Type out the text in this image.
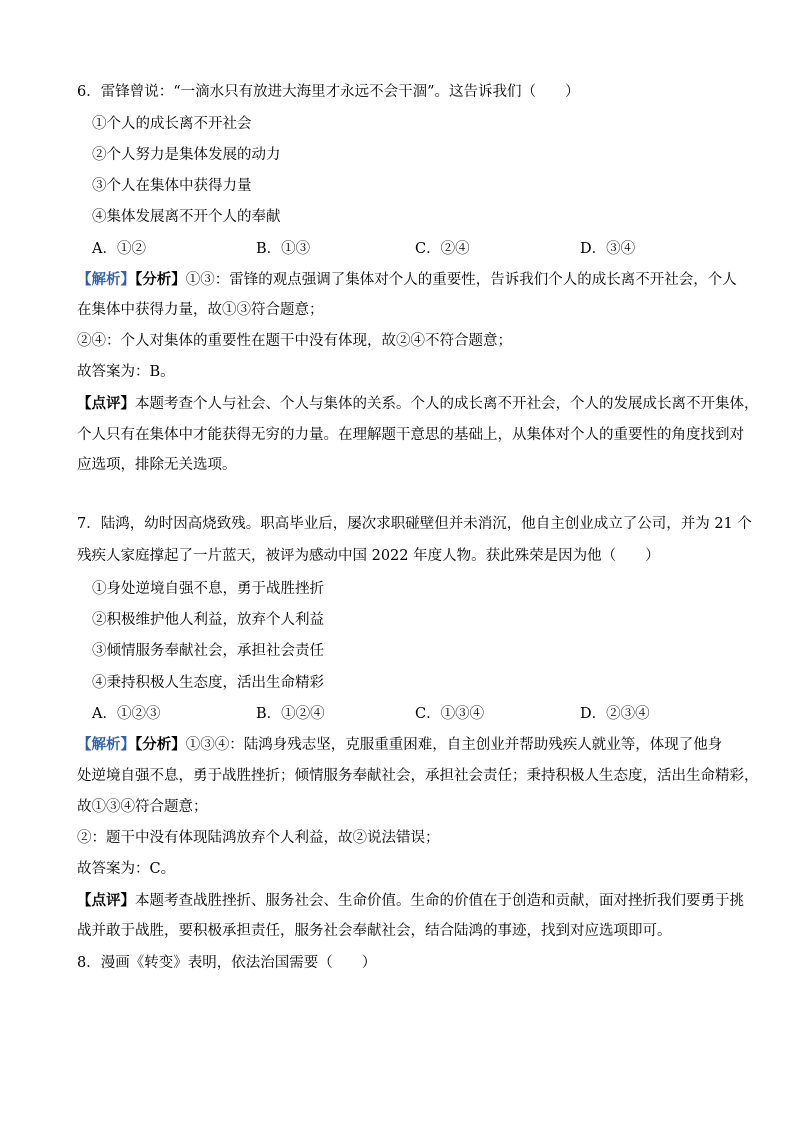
6．雷锋曾说：“一滴水只有放进大海里才永远不会干涸”。这告诉我们（　　）
①个人的成长离不开社会
②个人努力是集体发展的动力
③个人在集体中获得力量
④集体发展离不开个人的奉献
A．①②	B．①③	C．②④	D．③④
【解析】【分析】①③：雷锋的观点强调了集体对个人的重要性，告诉我们个人的成长离不开社会，个人
在集体中获得力量，故①③符合题意；
②④：个人对集体的重要性在题干中没有体现，故②④不符合题意；
故答案为：B。
【点评】本题考查个人与社会、个人与集体的关系。个人的成长离不开社会，个人的发展成长离不开集体，
个人只有在集体中才能获得无穷的力量。在理解题干意思的基础上，从集体对个人的重要性的角度找到对
应选项，排除无关选项。
7．陆鸿，幼时因高烧致残。职高毕业后，屡次求职碰壁但并未消沉，他自主创业成立了公司，并为 21 个
残疾人家庭撑起了一片蓝天，被评为感动中国 2022 年度人物。获此殊荣是因为他（　　）
①身处逆境自强不息，勇于战胜挫折
②积极维护他人利益，放弃个人利益
③倾情服务奉献社会，承担社会责任
④秉持积极人生态度，活出生命精彩
A．①②③	B．①②④	C．①③④	D．②③④
【解析】【分析】①③④：陆鸿身残志坚，克服重重困难，自主创业并帮助残疾人就业等，体现了他身
处逆境自强不息，勇于战胜挫折；倾情服务奉献社会，承担社会责任；秉持积极人生态度，活出生命精彩，
故①③④符合题意；
②：题干中没有体现陆鸿放弃个人利益，故②说法错误；
故答案为：C。
【点评】本题考查战胜挫折、服务社会、生命价值。生命的价值在于创造和贡献，面对挫折我们要勇于挑
战并敢于战胜，要积极承担责任，服务社会奉献社会，结合陆鸿的事迹，找到对应选项即可。
8．漫画《转变》表明，依法治国需要（　　）
